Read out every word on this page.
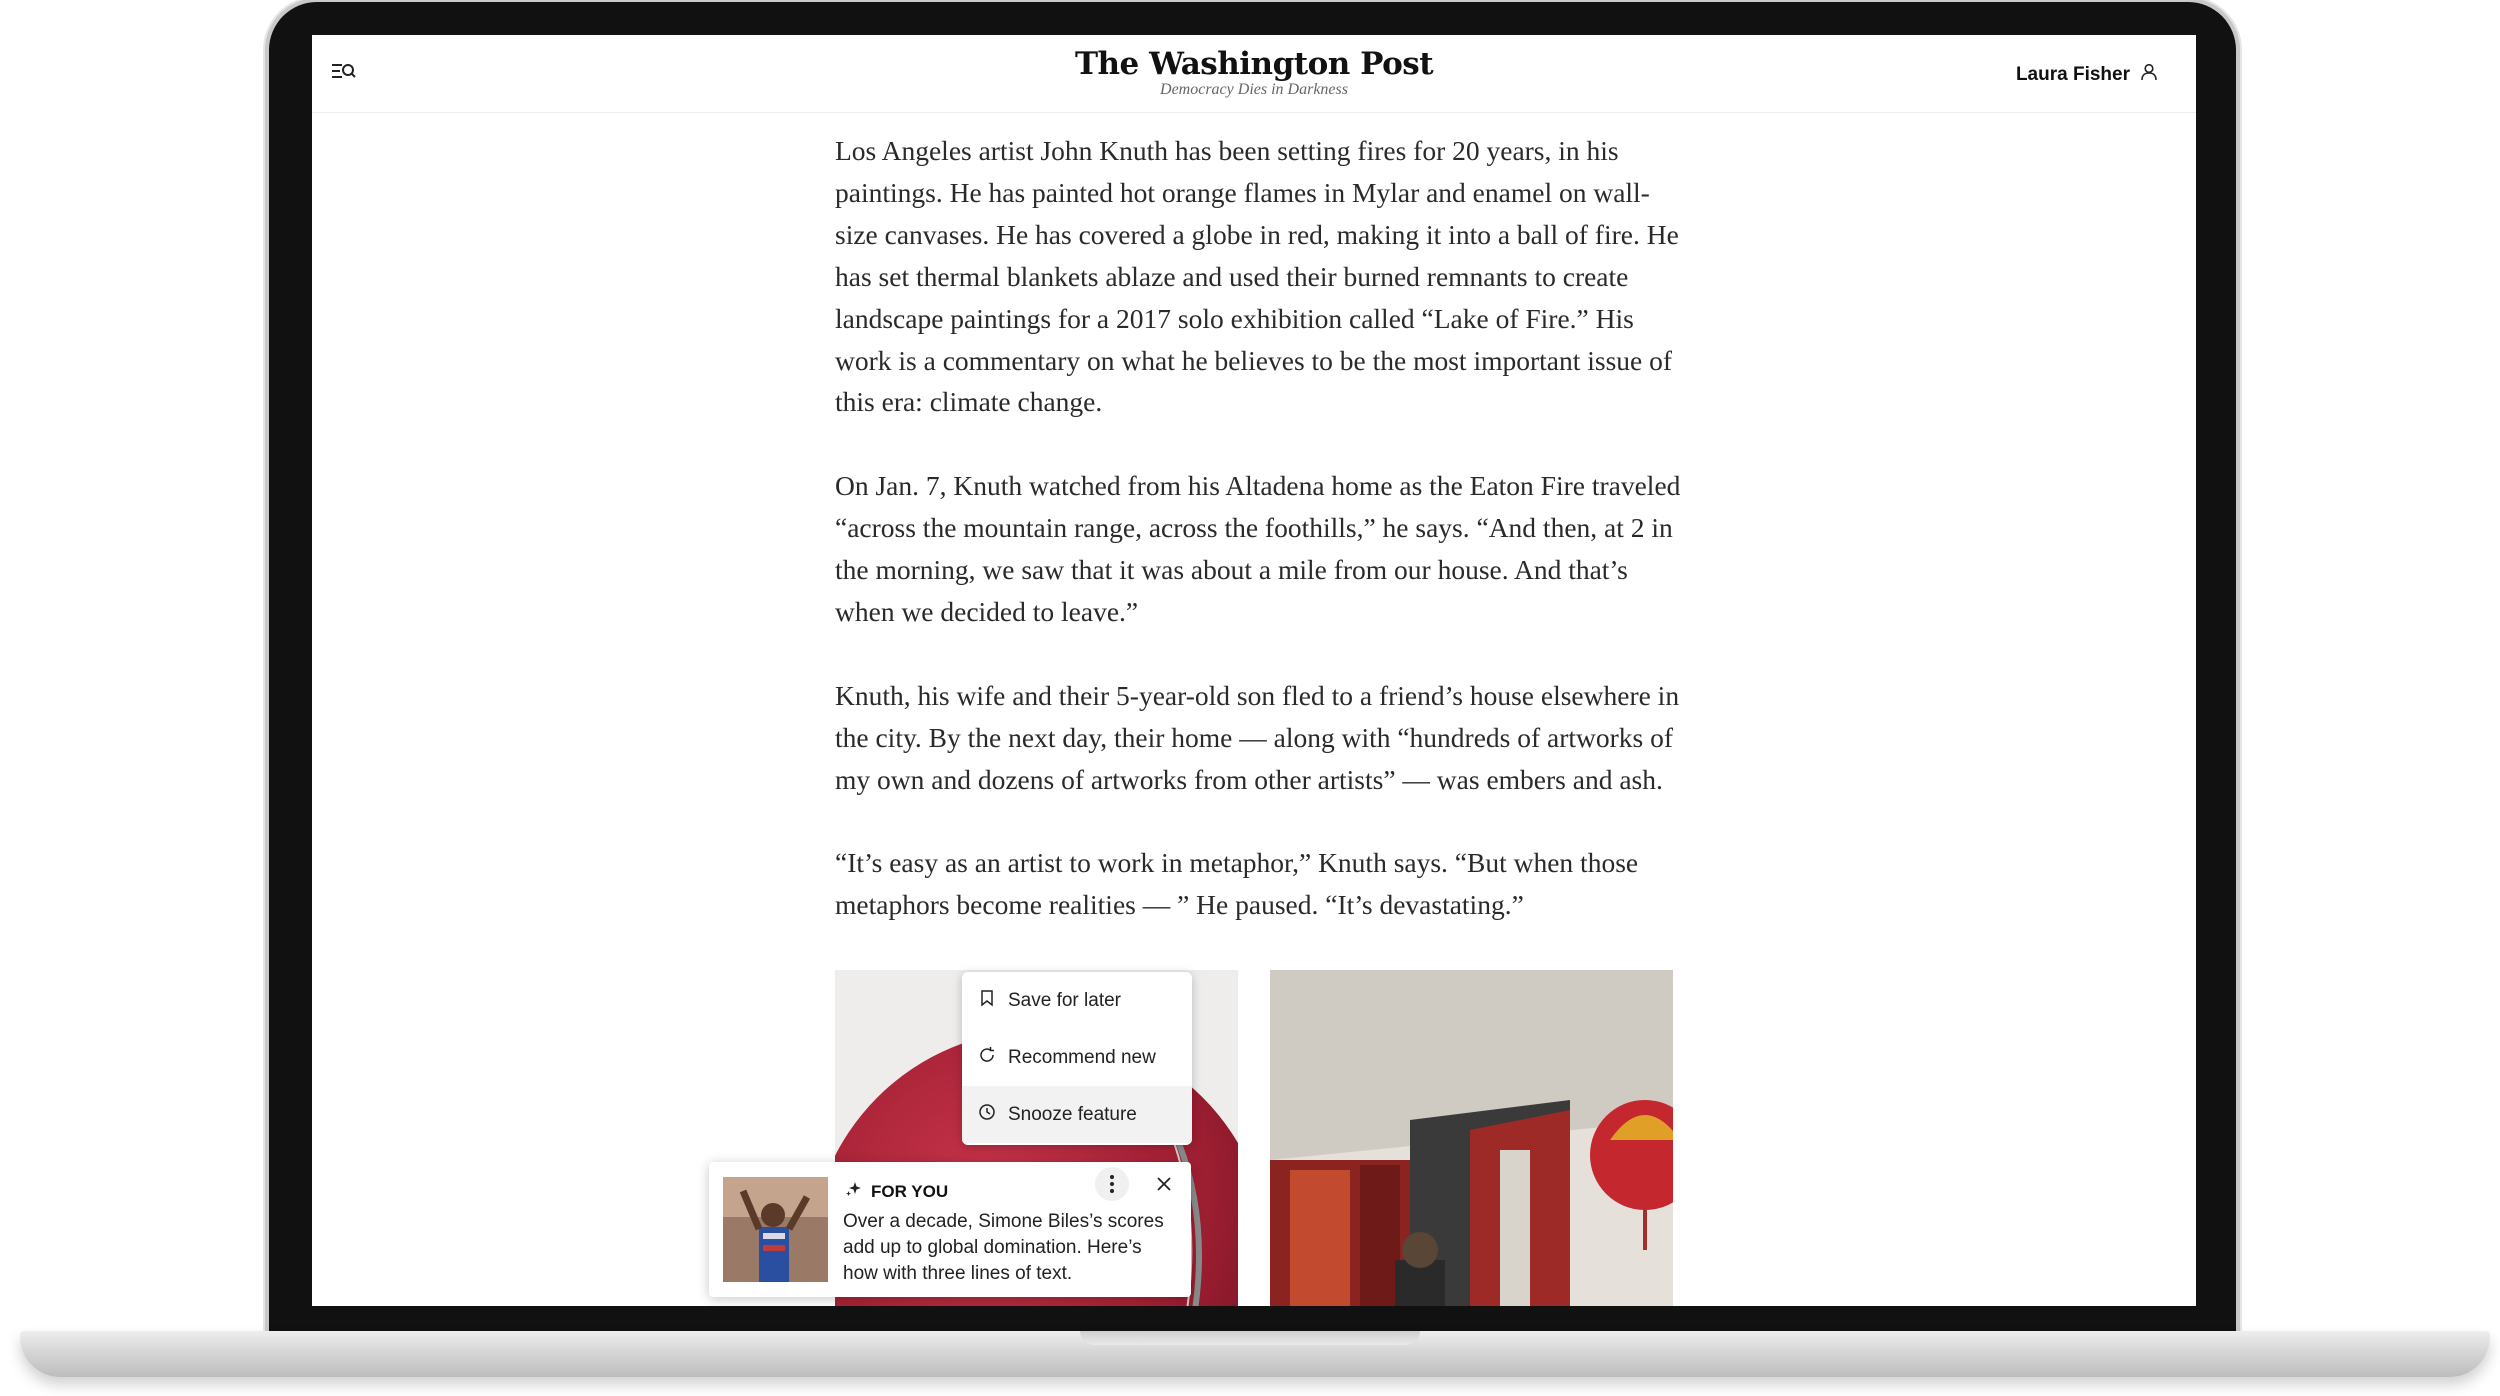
The Washington Post
Democracy Dies in Darkness
Laura Fisher

Los Angeles artist John Knuth has been setting fires for 20 years, in his paintings. He has painted hot orange flames in Mylar and enamel on wall-size canvases. He has covered a globe in red, making it into a ball of fire. He has set thermal blankets ablaze and used their burned remnants to create landscape paintings for a 2017 solo exhibition called “Lake of Fire.” His work is a commentary on what he believes to be the most important issue of this era: climate change.

On Jan. 7, Knuth watched from his Altadena home as the Eaton Fire traveled “across the mountain range, across the foothills,” he says. “And then, at 2 in the morning, we saw that it was about a mile from our house. And that’s when we decided to leave.”

Knuth, his wife and their 5-year-old son fled to a friend’s house elsewhere in the city. By the next day, their home — along with “hundreds of artworks of my own and dozens of artworks from other artists” — was embers and ash.

“It’s easy as an artist to work in metaphor,” Knuth says. “But when those metaphors become realities — ” He paused. “It’s devastating.”

Save for later
Recommend new
Snooze feature
FOR YOU
Over a decade, Simone Biles’s scores add up to global domination. Here’s how with three lines of text.
